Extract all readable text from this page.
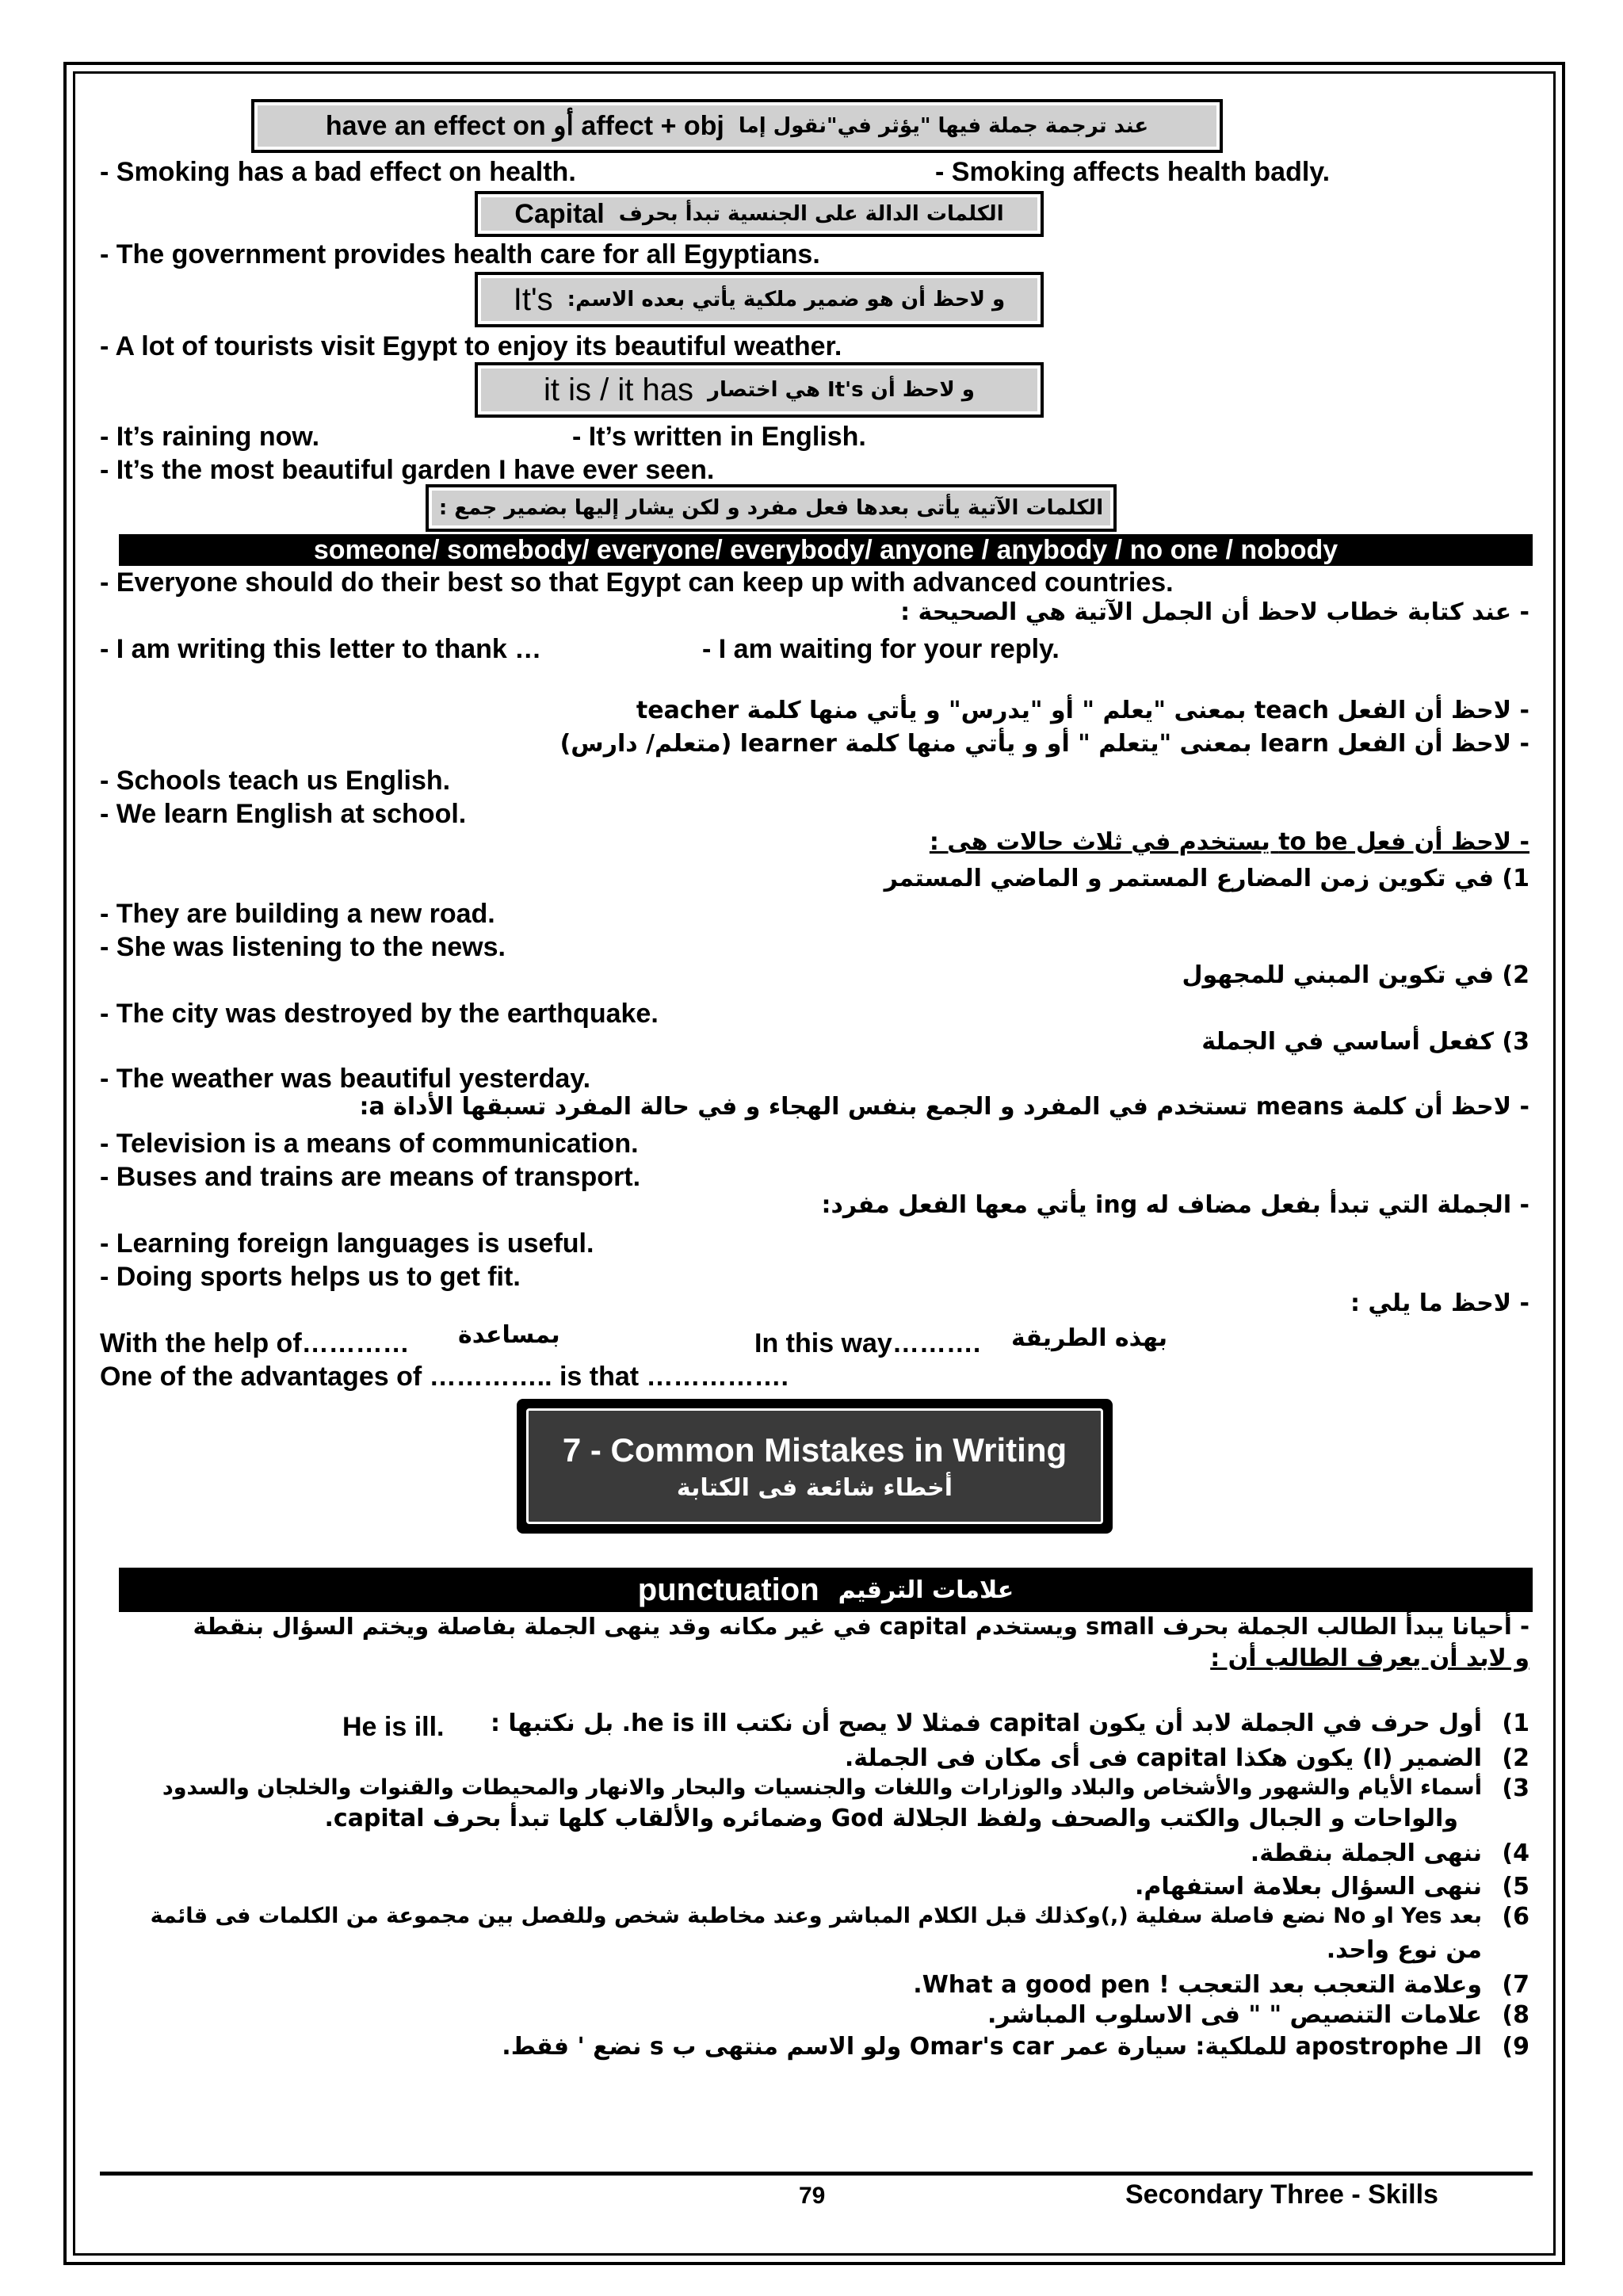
have an effect on أو affect + obj عند ترجمة جملة فيها "يؤثر في"نقول إما
- Smoking has a bad effect on health.	- Smoking affects health badly.
Capital الكلمات الدالة على الجنسية تبدأ بحرف
- The government provides health care for all Egyptians.
It's و لاحظ أن هو ضمير ملكية يأتي بعده الاسم:
- A lot of tourists visit Egypt to enjoy its beautiful weather.
it is / it has و لاحظ أن It's هي اختصار
- It’s raining now.	- It’s written in English.
- It’s the most beautiful garden I have ever seen.
الكلمات الآتية يأتى بعدها فعل مفرد و لكن يشار إليها بضمير جمع :
someone/ somebody/ everyone/ everybody/ anyone / anybody / no one / nobody
- Everyone should do their best so that Egypt can keep up with advanced countries.
- عند كتابة خطاب لاحظ أن الجمل الآتية هي الصحيحة :
- I am writing this letter to thank …	- I am waiting for your reply.
- لاحظ أن الفعل teach بمعنى "يعلم " أو "يدرس" و يأتي منها كلمة teacher
- لاحظ أن الفعل learn بمعنى "يتعلم " أو و يأتي منها كلمة learner (متعلم/ دارس)
- Schools teach us English.
- We learn English at school.
- لاحظ أن فعل to be يستخدم في ثلاث حالات هى :
1) في تكوين زمن المضارع المستمر و الماضي المستمر
- They are building a new road.
- She was listening to the news.
2) في تكوين المبني للمجهول
- The city was destroyed by the earthquake.
3) كفعل أساسي في الجملة
- The weather was beautiful yesterday.
- لاحظ أن كلمة means تستخدم في المفرد و الجمع بنفس الهجاء و في حالة المفرد تسبقها الأداة a:
- Television is a means of communication.
- Buses and trains are means of transport.
- الجملة التي تبدأ بفعل مضاف له ing يأتي معها الفعل مفرد:
- Learning foreign languages is useful.
- Doing sports helps us to get fit.
- لاحظ ما يلي :
With the help of………… بمساعدة	In this way………. بهذه الطريقة
One of the advantages of ………….. is that …………….
7 - Common Mistakes in Writing
أخطاء شائعة فى الكتابة
punctuation علامات الترقيم
- أحيانا يبدأ الطالب الجملة بحرف small ويستخدم capital في غير مكانه وقد ينهى الجملة بفاصلة ويختم السؤال بنقطة
و لابد أن يعرف الطالب أن :
1)
أول حرف في الجملة لابد أن يكون capital فمثلا لا يصح أن نكتب he is ill. بل نكتبها :
He is ill.
2)
الضمير (I) يكون هكذا capital فى أى مكان فى الجملة.
3)
أسماء الأيام والشهور والأشخاص والبلاد والوزارات واللغات والجنسيات والبحار والانهار والمحيطات والقنوات والخلجان والسدود
والواحات و الجبال والكتب والصحف ولفظ الجلالة God وضمائره والألقاب كلها تبدأ بحرف capital.
4)
ننهى الجملة بنقطة.
5)
ننهى السؤال بعلامة استفهام.
6)
بعد Yes او No نضع فاصلة سفلية (,)وكذلك قبل الكلام المباشر وعند مخاطبة شخص وللفصل بين مجموعة من الكلمات فى قائمة
من نوع واحد.
7)
وعلامة التعجب بعد التعجب ! What a good pen.
8)
علامات التنصيص " " فى الاسلوب المباشر.
9)
الـ apostrophe للملكية: سيارة عمر Omar's car ولو الاسم منتهى ب s نضع ' فقط.
79	Secondary Three - Skills
